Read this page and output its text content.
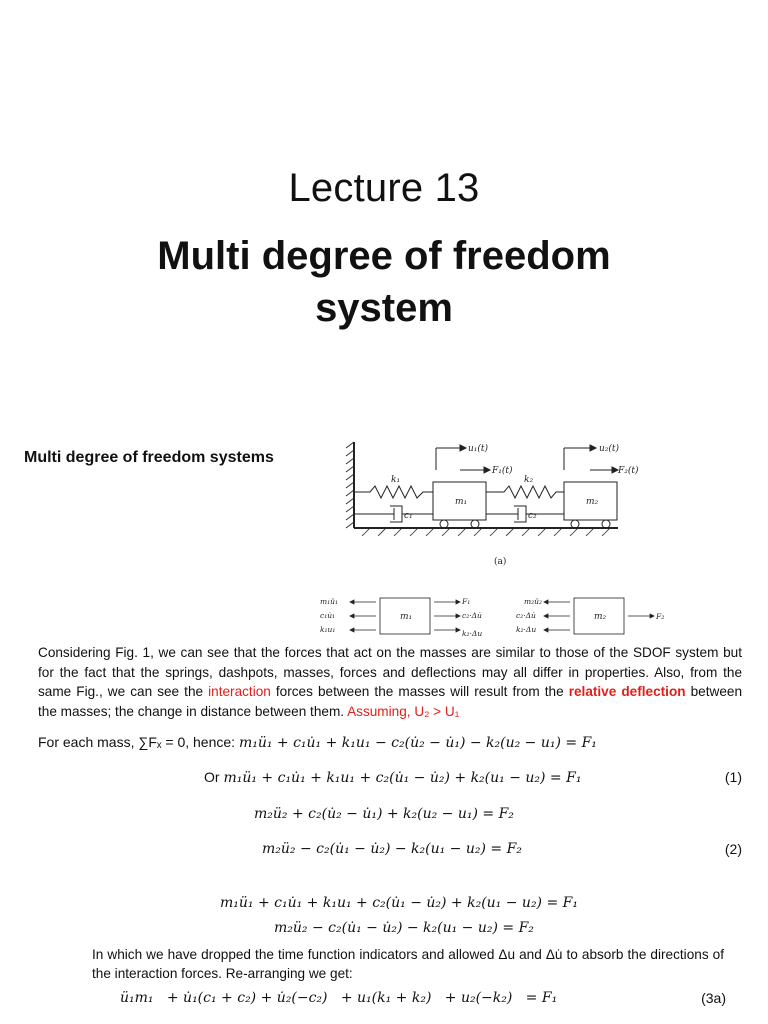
Lecture 13
Multi degree of freedom
system
Multi degree of freedom systems	u₁(t)	u₂(t)
F₁(t)	F₂(t)
k₁	k₂
c₁	c₂
m₁	m₂
(a)
m₁ü₁
c₁u̇₁
k₁u₁
m₁
F₁
c₂·Δu̇
k₂·Δu
m₂ü₂
c₂·Δu̇
k₂·Δu
m₂	F₂
Considering Fig. 1, we can see that the forces that act on the masses are similar to those of the SDOF system but for the fact that the springs, dashpots, masses, forces and deflections may all differ in properties. Also, from the same Fig., we can see the interaction forces between the masses will result from the relative deflection between the masses; the change in distance between them. Assuming, U₂ > U₁
For each mass, ∑Fₓ = 0, hence: m₁ü₁ + c₁u̇₁ + k₁u₁ − c₂(u̇₂ − u̇₁) − k₂(u₂ − u₁) = F₁
Or m₁ü₁ + c₁u̇₁ + k₁u₁ + c₂(u̇₁ − u̇₂) + k₂(u₁ − u₂) = F₁	(1)
m₂ü₂ + c₂(u̇₂ − u̇₁) + k₂(u₂ − u₁) = F₂
m₂ü₂ − c₂(u̇₁ − u̇₂) − k₂(u₁ − u₂) = F₂	(2)
m₁ü₁ + c₁u̇₁ + k₁u₁ + c₂(u̇₁ − u̇₂) + k₂(u₁ − u₂) = F₁
m₂ü₂ − c₂(u̇₁ − u̇₂) − k₂(u₁ − u₂) = F₂
In which we have dropped the time function indicators and allowed Δu and Δu̇ to absorb the directions of the interaction forces. Re-arranging we get:
ü₁m₁   + u̇₁(c₁ + c₂) + u̇₂(−c₂)   + u₁(k₁ + k₂)   + u₂(−k₂)   = F₁	(3a)
